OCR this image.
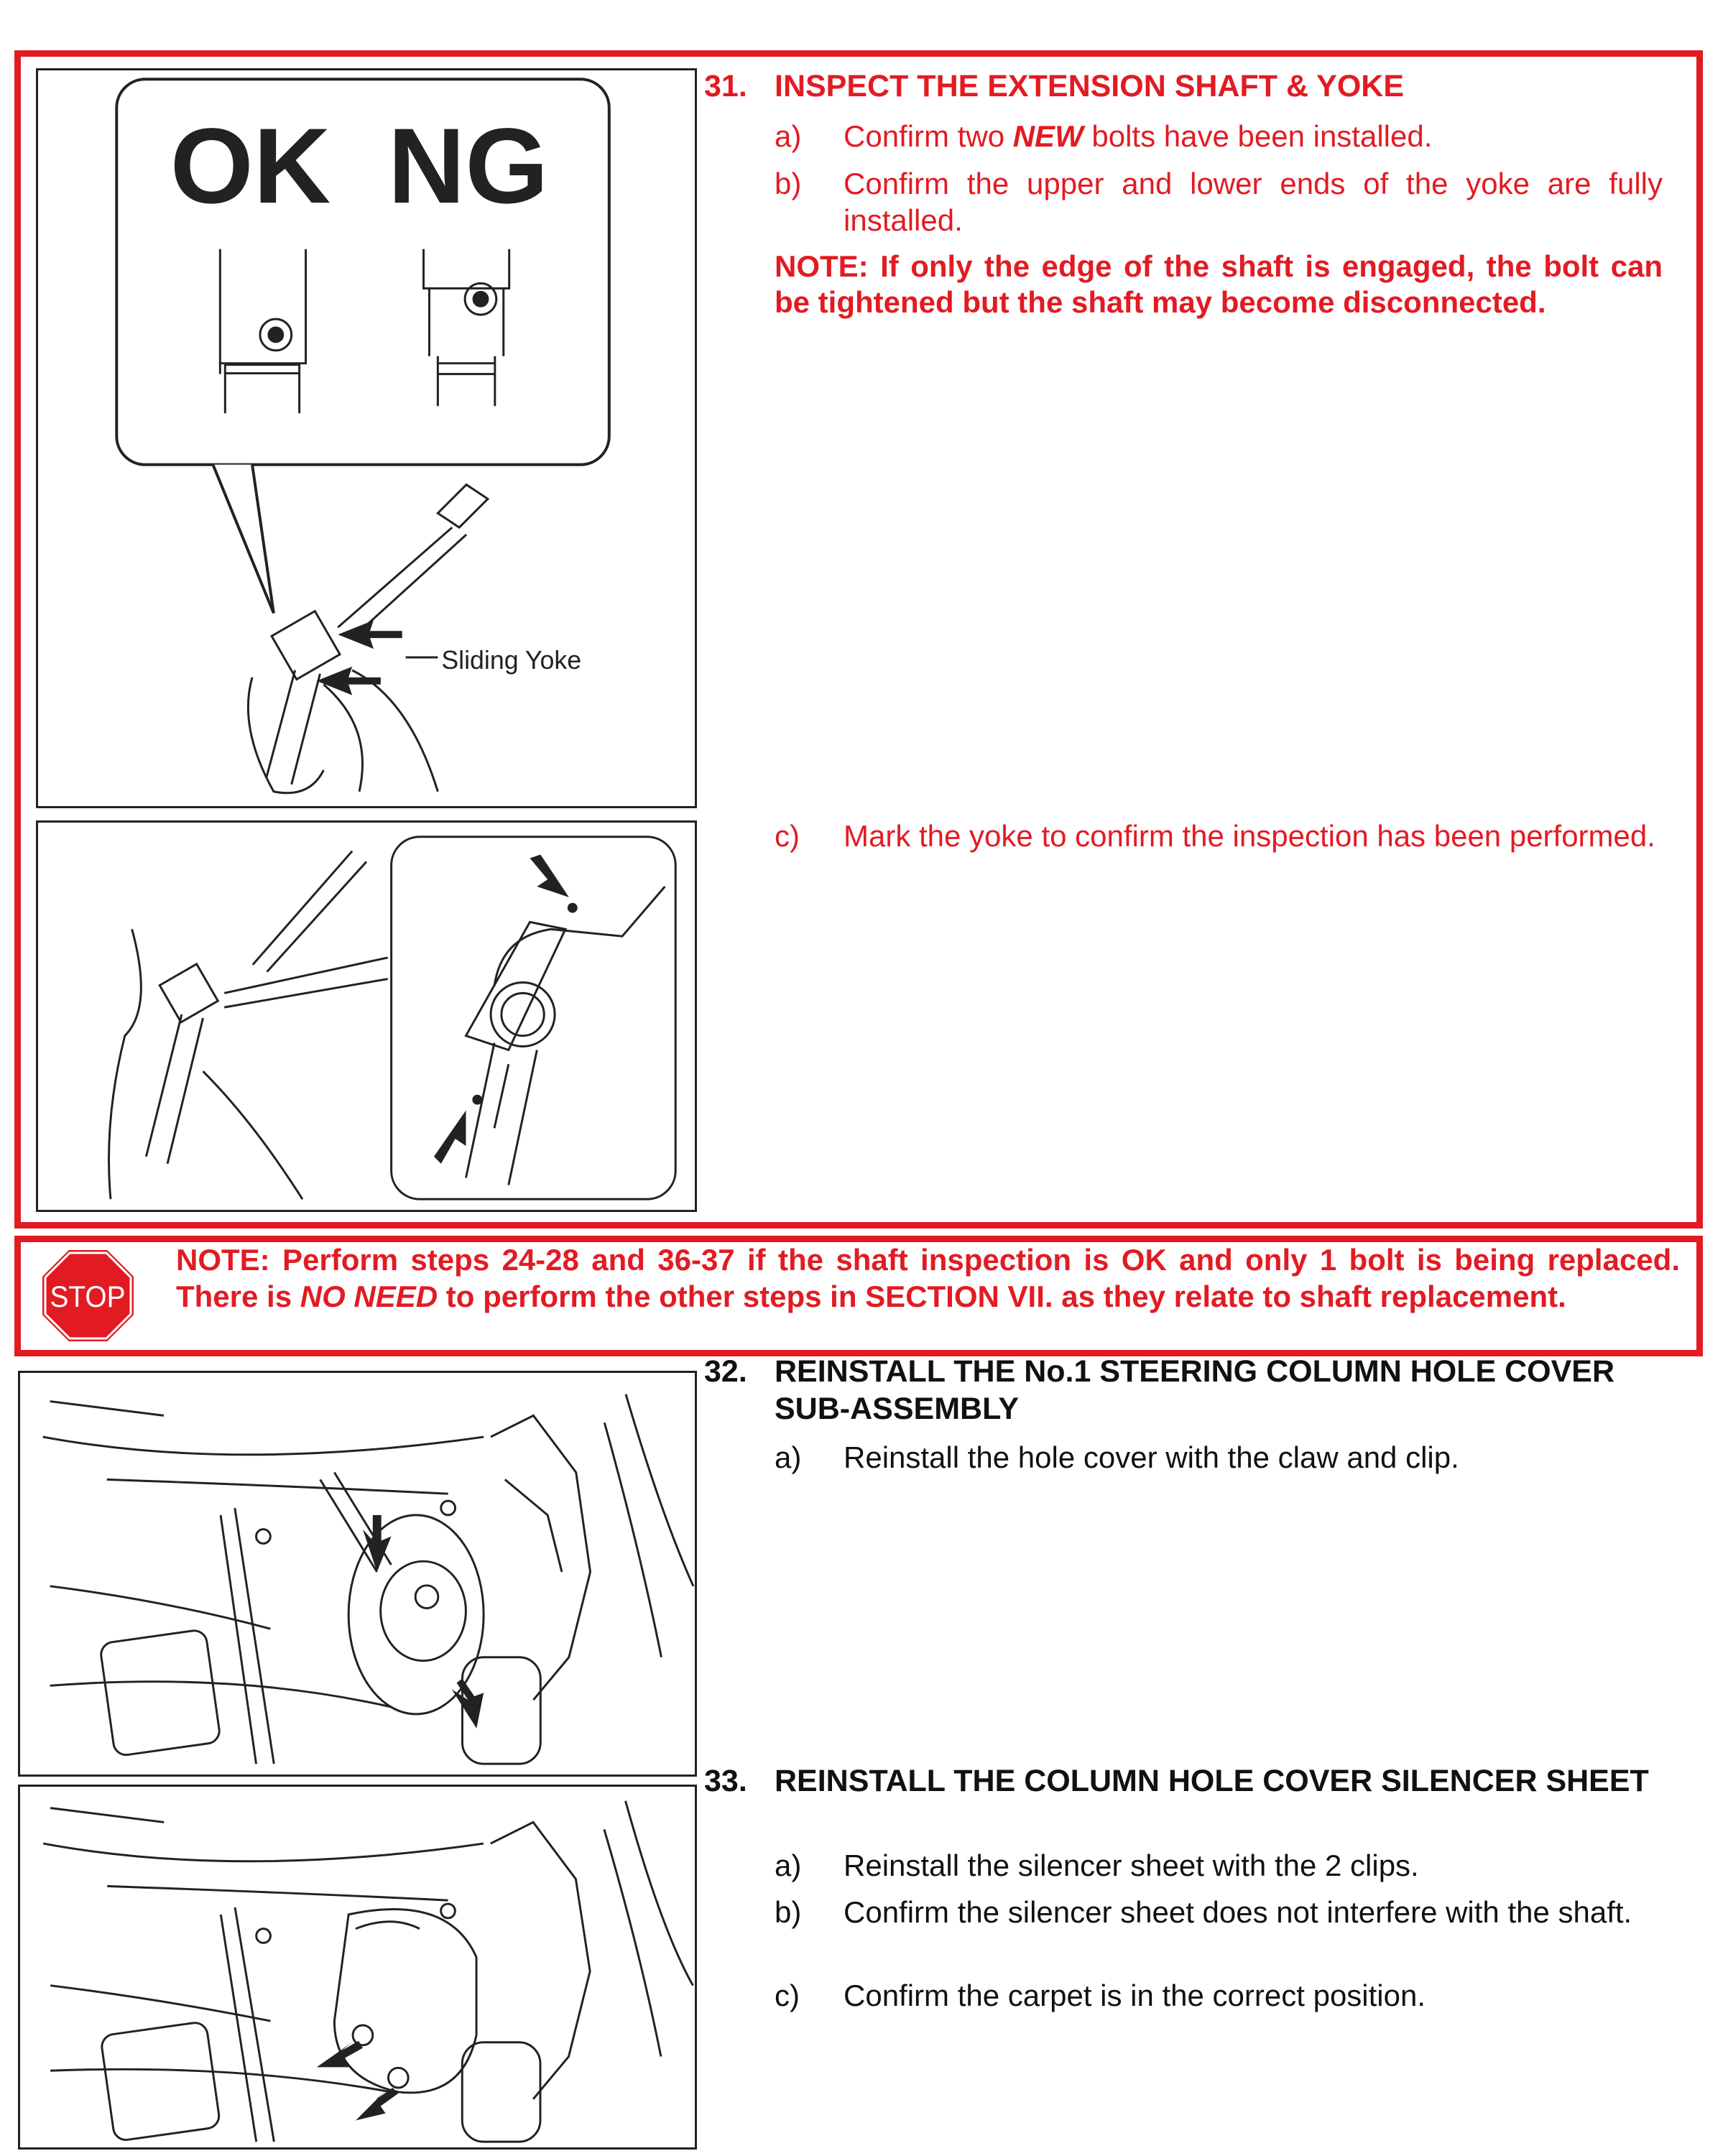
OK NG
Sliding Yoke
31. INSPECT THE EXTENSION SHAFT & YOKE
a) Confirm two NEW bolts have been installed.
b) Confirm the upper and lower ends of the yoke are fully installed.
NOTE: If only the edge of the shaft is engaged, the bolt can be tightened but the shaft may become disconnected.
c) Mark the yoke to confirm the inspection has been performed.
STOP
NOTE: Perform steps 24-28 and 36-37 if the shaft inspection is OK and only 1 bolt is being replaced. There is NO NEED to perform the other steps in SECTION VII. as they relate to shaft replacement.
32. REINSTALL THE No.1 STEERING COLUMN HOLE COVER SUB-ASSEMBLY
a) Reinstall the hole cover with the claw and clip.
33. REINSTALL THE COLUMN HOLE COVER SILENCER SHEET
a) Reinstall the silencer sheet with the 2 clips.
b) Confirm the silencer sheet does not interfere with the shaft.
c) Confirm the carpet is in the correct position.
